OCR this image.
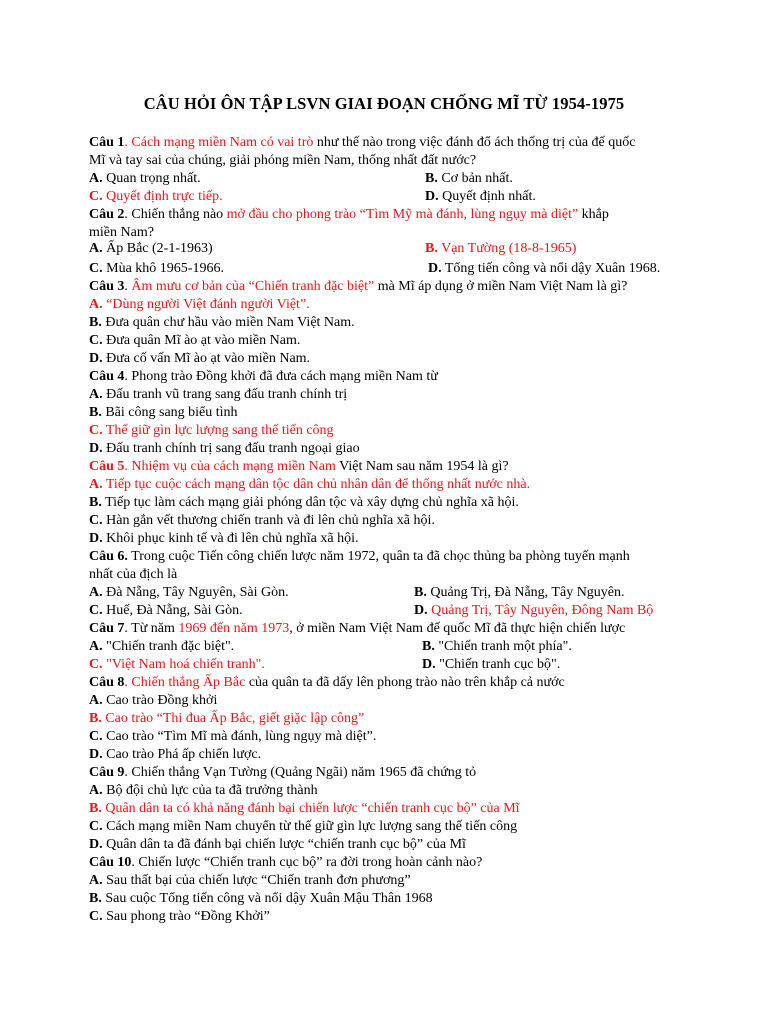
CÂU HỎI ÔN TẬP LSVN GIAI ĐOẠN CHỐNG MĨ TỪ 1954-1975
Câu 1. Cách mạng miền Nam có vai trò như thế nào trong việc đánh đổ ách thống trị của đế quốc
Mĩ và tay sai của chúng, giải phóng miền Nam, thống nhất đất nước?
A. Quan trọng nhất.	B. Cơ bản nhất.
C. Quyết định trực tiếp.	D. Quyết định nhất.
Câu 2. Chiến thắng nào mở đầu cho phong trào “Tìm Mỹ mà đánh, lùng ngụy mà diệt” khắp
miền Nam?
A. Ấp Bắc (2-1-1963)	B. Vạn Tường (18-8-1965)
C. Mùa khô 1965-1966.	D. Tổng tiến công và nổi dậy Xuân 1968.
Câu 3. Âm mưu cơ bản của “Chiến tranh đặc biệt” mà Mĩ áp dụng ở miền Nam Việt Nam là gì?
A. “Dùng người Việt đánh người Việt”.
B. Đưa quân chư hầu vào miền Nam Việt Nam.
C. Đưa quân Mĩ ào ạt vào miền Nam.
D. Đưa cố vấn Mĩ ào ạt vào miền Nam.
Câu 4. Phong trào Đồng khởi đã đưa cách mạng miền Nam từ
A. Đấu tranh vũ trang sang đấu tranh chính trị
B. Bãi công sang biểu tình
C. Thế giữ gìn lực lượng sang thế tiến công
D. Đấu tranh chính trị sang đấu tranh ngoại giao
Câu 5. Nhiệm vụ của cách mạng miền Nam Việt Nam sau năm 1954 là gì?
A. Tiếp tục cuộc cách mạng dân tộc dân chủ nhân dân để thống nhất nước nhà.
B. Tiếp tục làm cách mạng giải phóng dân tộc và xây dựng chủ nghĩa xã hội.
C. Hàn gắn vết thương chiến tranh và đi lên chủ nghĩa xã hội.
D. Khôi phục kinh tế và đi lên chủ nghĩa xã hội.
Câu 6. Trong cuộc Tiến công chiến lược năm 1972, quân ta đã chọc thủng ba phòng tuyến mạnh
nhất của địch là
A. Đà Nẵng, Tây Nguyên, Sài Gòn.	B. Quảng Trị, Đà Nẵng, Tây Nguyên.
C. Huế, Đà Nẵng, Sài Gòn.	D. Quảng Trị, Tây Nguyên, Đông Nam Bộ
Câu 7. Từ năm 1969 đến năm 1973, ở miền Nam Việt Nam đế quốc Mĩ đã thực hiện chiến lược
A. "Chiến tranh đặc biệt".	B. "Chiến tranh một phía".
C. "Việt Nam hoá chiến tranh".	D. "Chiến tranh cục bộ".
Câu 8. Chiến thắng Ấp Bắc của quân ta đã dấy lên phong trào nào trên khắp cả nước
A. Cao trào Đồng khởi
B. Cao trào “Thi đua Ấp Bắc, giết giặc lập công”
C. Cao trào “Tìm Mĩ mà đánh, lùng ngụy mà diệt”.
D. Cao trào Phá ấp chiến lược.
Câu 9. Chiến thắng Vạn Tường (Quảng Ngãi) năm 1965 đã chứng tỏ
A. Bộ đội chủ lực của ta đã trưởng thành
B. Quân dân ta có khả năng đánh bại chiến lược “chiến tranh cục bộ” của Mĩ
C. Cách mạng miền Nam chuyển từ thế giữ gìn lực lượng sang thế tiến công
D. Quân dân ta đã đánh bại chiến lược “chiến tranh cục bộ” của Mĩ
Câu 10. Chiến lược “Chiến tranh cục bộ” ra đời trong hoàn cảnh nào?
A. Sau thất bại của chiến lược “Chiến tranh đơn phương”
B. Sau cuộc Tổng tiến công và nổi dậy Xuân Mậu Thân 1968
C. Sau phong trào “Đồng Khởi”
